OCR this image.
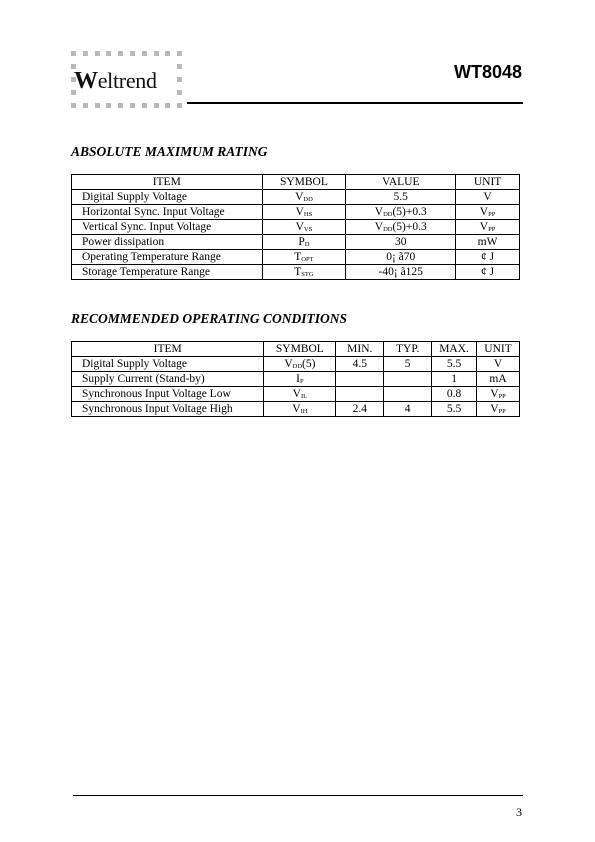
Weltrend	WT8048
ABSOLUTE MAXIMUM RATING
ITEM	SYMBOL	VALUE	UNIT
Digital Supply Voltage	$V_{DD}$	5.5	V
Horizontal Sync. Input Voltage	$V_{HS}$	$V_{DD}(5)+0.3$	$V_{PP}$
Vertical Sync. Input Voltage	$V_{VS}$	$V_{DD}(5)+0.3$	$V_{PP}$
Power dissipation	$P_D$	30	mW
Operating Temperature Range	$T_{OPT}$	0¡ ã70	¢ J
Storage Temperature Range	$T_{STG}$	-40¡ ã125	¢ J
RECOMMENDED OPERATING CONDITIONS
ITEM	SYMBOL	MIN.	TYP.	MAX.	UNIT
Digital Supply Voltage	$V_{DD}(5)$	4.5	5	5.5	V
Supply Current (Stand-by)	$I_P$			1	mA
Synchronous Input Voltage Low	$V_{IL}$			0.8	$V_{PP}$
Synchronous Input Voltage High	$V_{IH}$	2.4	4	5.5	$V_{PP}$
3
